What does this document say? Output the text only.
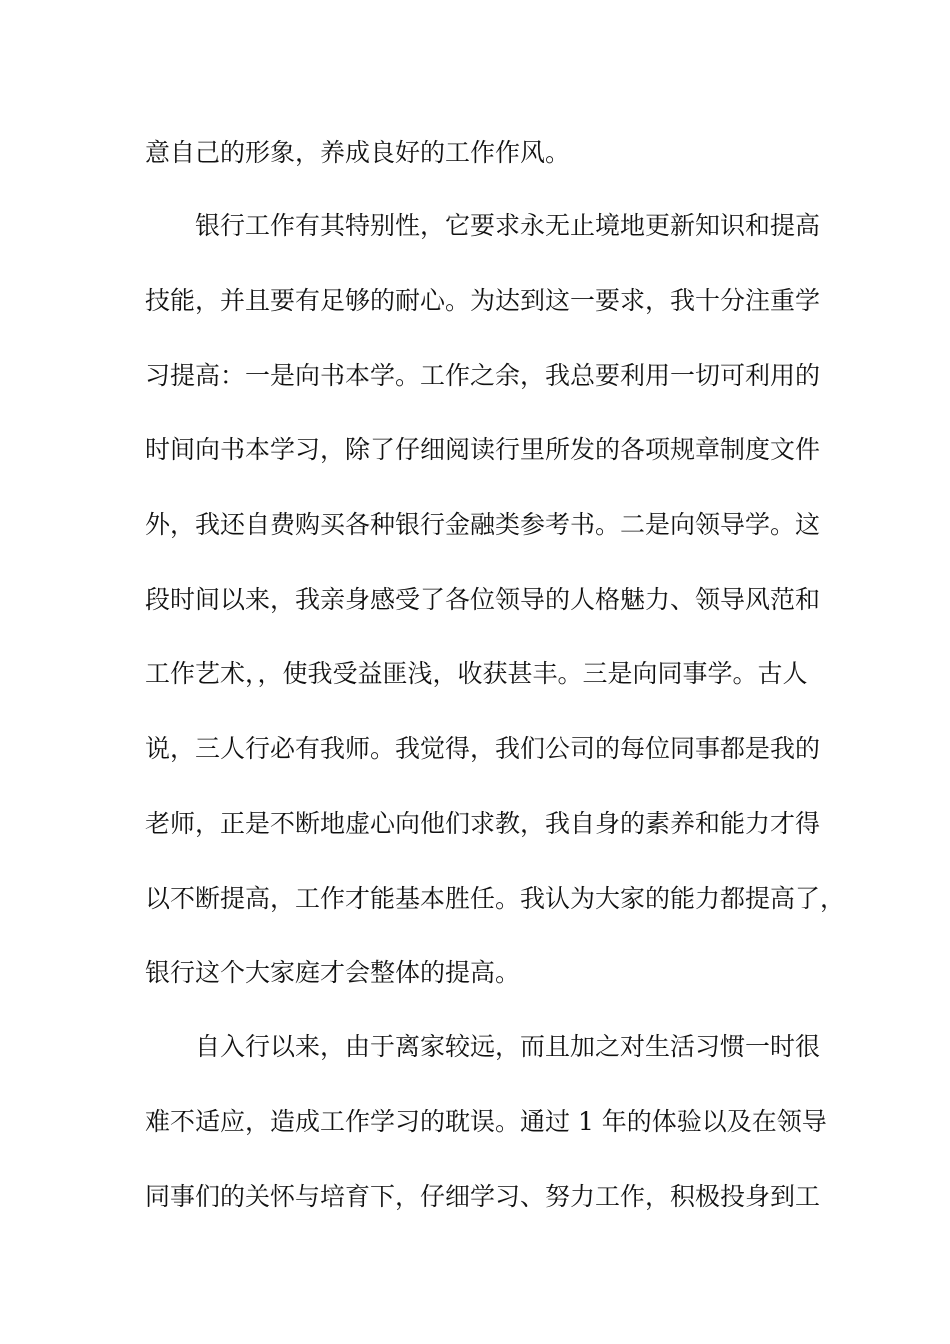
意自己的形象，养成良好的工作作风。
银行工作有其特别性，它要求永无止境地更新知识和提高
技能，并且要有足够的耐心。为达到这一要求，我十分注重学
习提高：一是向书本学。工作之余，我总要利用一切可利用的
时间向书本学习，除了仔细阅读行里所发的各项规章制度文件
外，我还自费购买各种银行金融类参考书。二是向领导学。这
段时间以来，我亲身感受了各位领导的人格魅力、领导风范和
工作艺术，，使我受益匪浅，收获甚丰。三是向同事学。古人
说，三人行必有我师。我觉得，我们公司的每位同事都是我的
老师，正是不断地虚心向他们求教，我自身的素养和能力才得
以不断提高，工作才能基本胜任。我认为大家的能力都提高了，
银行这个大家庭才会整体的提高。
自入行以来，由于离家较远，而且加之对生活习惯一时很
难不适应，造成工作学习的耽误。通过 1 年的体验以及在领导
同事们的关怀与培育下，仔细学习、努力工作，积极投身到工
